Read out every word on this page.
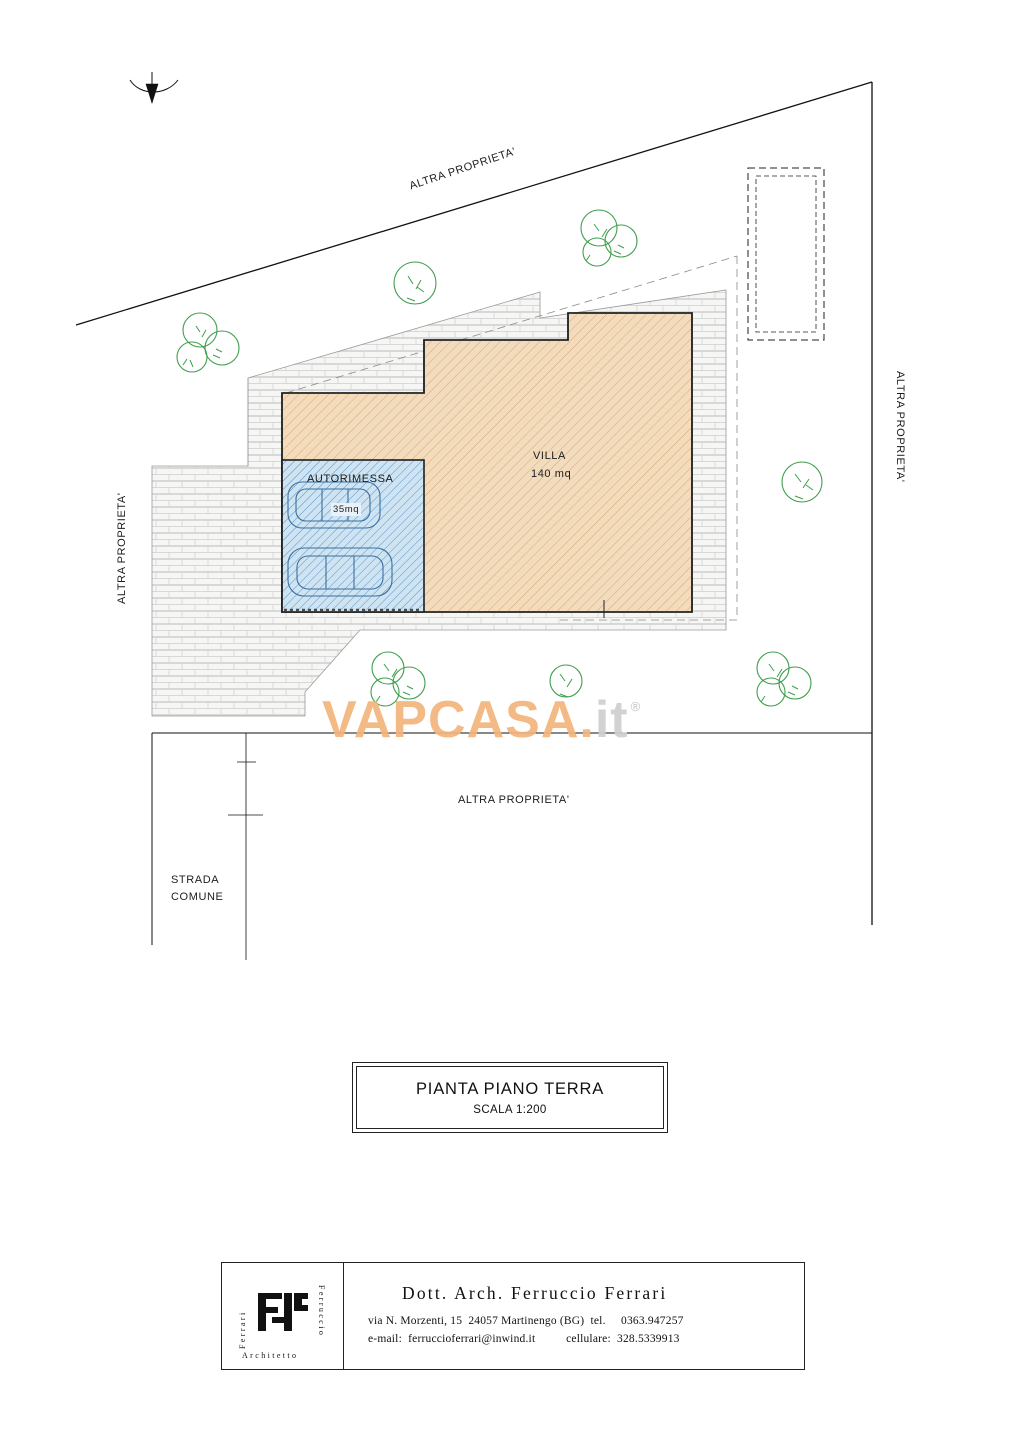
ALTRA PROPRIETA'
ALTRA PROPRIETA'
ALTRA PROPRIETA'
ALTRA PROPRIETA'
STRADA
COMUNE
VILLA
140 mq
AUTORIMESSA
35mq
VAPCASA . it ®
PIANTA PIANO TERRA
SCALA 1:200
Ferrari	Ferruccio
Architetto
Dott. Arch. Ferruccio Ferrari
via N. Morzenti, 15  24057 Martinengo (BG)  tel.     0363.947257
e-mail:  ferruccioferrari@inwind.it          cellulare:  328.5339913
